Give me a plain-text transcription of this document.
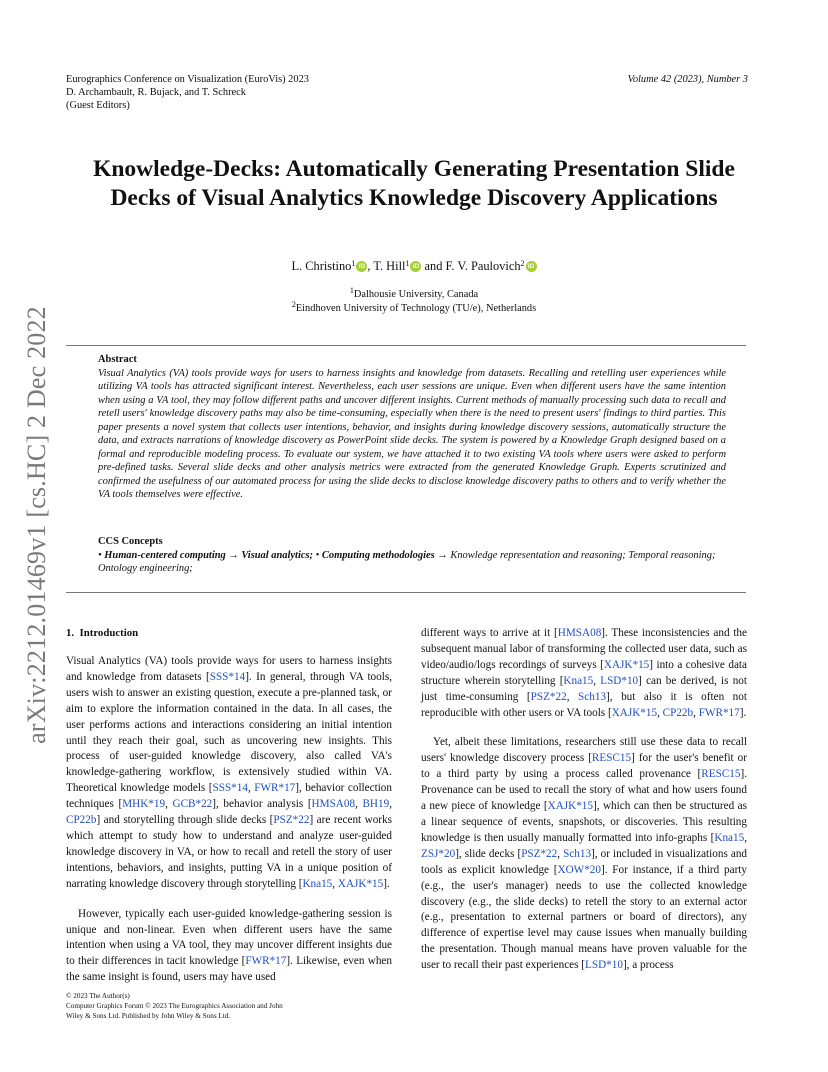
Eurographics Conference on Visualization (EuroVis) 2023
D. Archambault, R. Bujack, and T. Schreck
(Guest Editors)
Volume 42 (2023), Number 3
arXiv:2212.01469v1 [cs.HC] 2 Dec 2022
Knowledge-Decks: Automatically Generating Presentation Slide
Decks of Visual Analytics Knowledge Discovery Applications
L. Christino$^1$ iD , T. Hill$^1$ iD and F. V. Paulovich$^2$ iD
$^1$Dalhousie University, Canada
$^2$Eindhoven University of Technology (TU/e), Netherlands
Abstract

Visual Analytics (VA) tools provide ways for users to harness insights and knowledge from datasets. Recalling and retelling user experiences while utilizing VA tools has attracted significant interest. Nevertheless, each user sessions are unique. Even when different users have the same intention when using a VA tool, they may follow different paths and uncover different insights. Current methods of manually processing such data to recall and retell users' knowledge discovery paths may also be time-consuming, especially when there is the need to present users' findings to third parties. This paper presents a novel system that collects user intentions, behavior, and insights during knowledge discovery sessions, automatically structure the data, and extracts narrations of knowledge discovery as PowerPoint slide decks. The system is powered by a Knowledge Graph designed based on a formal and reproducible modeling process. To evaluate our system, we have attached it to two existing VA tools where users were asked to perform pre-defined tasks. Several slide decks and other analysis metrics were extracted from the generated Knowledge Graph. Experts scrutinized and confirmed the usefulness of our automated process for using the slide decks to disclose knowledge discovery paths to others and to verify whether the VA tools themselves were effective.

CCS Concepts

• Human-centered computing → Visual analytics; • Computing methodologies → Knowledge representation and reasoning; Temporal reasoning; Ontology engineering;

1. Introduction

Visual Analytics (VA) tools provide ways for users to harness insights and knowledge from datasets [SSS*14]. In general, through VA tools, users wish to answer an existing question, execute a pre-planned task, or aim to explore the information contained in the data. In all cases, the user performs actions and interactions considering an initial intention until they reach their goal, such as uncovering new insights. This process of user-guided knowledge discovery, also called VA's knowledge-gathering workflow, is extensively studied within VA. Theoretical knowledge models [SSS*14, FWR*17], behavior collection techniques [MHK*19, GCB*22], behavior analysis [HMSA08, BH19, CP22b] and storytelling through slide decks [PSZ*22] are recent works which attempt to study how to understand and analyze user-guided knowledge discovery in VA, or how to recall and retell the story of user intentions, behaviors, and insights, putting VA in a unique position of narrating knowledge discovery through storytelling [Kna15, XAJK*15].

However, typically each user-guided knowledge-gathering session is unique and non-linear. Even when different users have the same intention when using a VA tool, they may uncover different insights due to their differences in tacit knowledge [FWR*17]. Likewise, even when the same insight is found, users may have used

different ways to arrive at it [HMSA08]. These inconsistencies and the subsequent manual labor of transforming the collected user data, such as video/audio/logs recordings of surveys [XAJK*15] into a cohesive data structure wherein storytelling [Kna15, LSD*10] can be derived, is not just time-consuming [PSZ*22, Sch13], but also it is often not reproducible with other users or VA tools [XAJK*15, CP22b, FWR*17].

Yet, albeit these limitations, researchers still use these data to recall users' knowledge discovery process [RESC15] for the user's benefit or to a third party by using a process called provenance [RESC15]. Provenance can be used to recall the story of what and how users found a new piece of knowledge [XAJK*15], which can then be structured as a linear sequence of events, snapshots, or discoveries. This resulting knowledge is then usually manually formatted into info-graphs [Kna15, ZSJ*20], slide decks [PSZ*22, Sch13], or included in visualizations and tools as explicit knowledge [XOW*20]. For instance, if a third party (e.g., the user's manager) needs to use the collected knowledge discovery (e.g., the slide decks) to retell the story to an external actor (e.g., presentation to external partners or board of directors), any difference of expertise level may cause issues when manually building the presentation. Though manual means have proven valuable for the user to recall their past experiences [LSD*10], a process

© 2023 The Author(s)
Computer Graphics Forum © 2023 The Eurographics Association and John
Wiley & Sons Ltd. Published by John Wiley & Sons Ltd.
